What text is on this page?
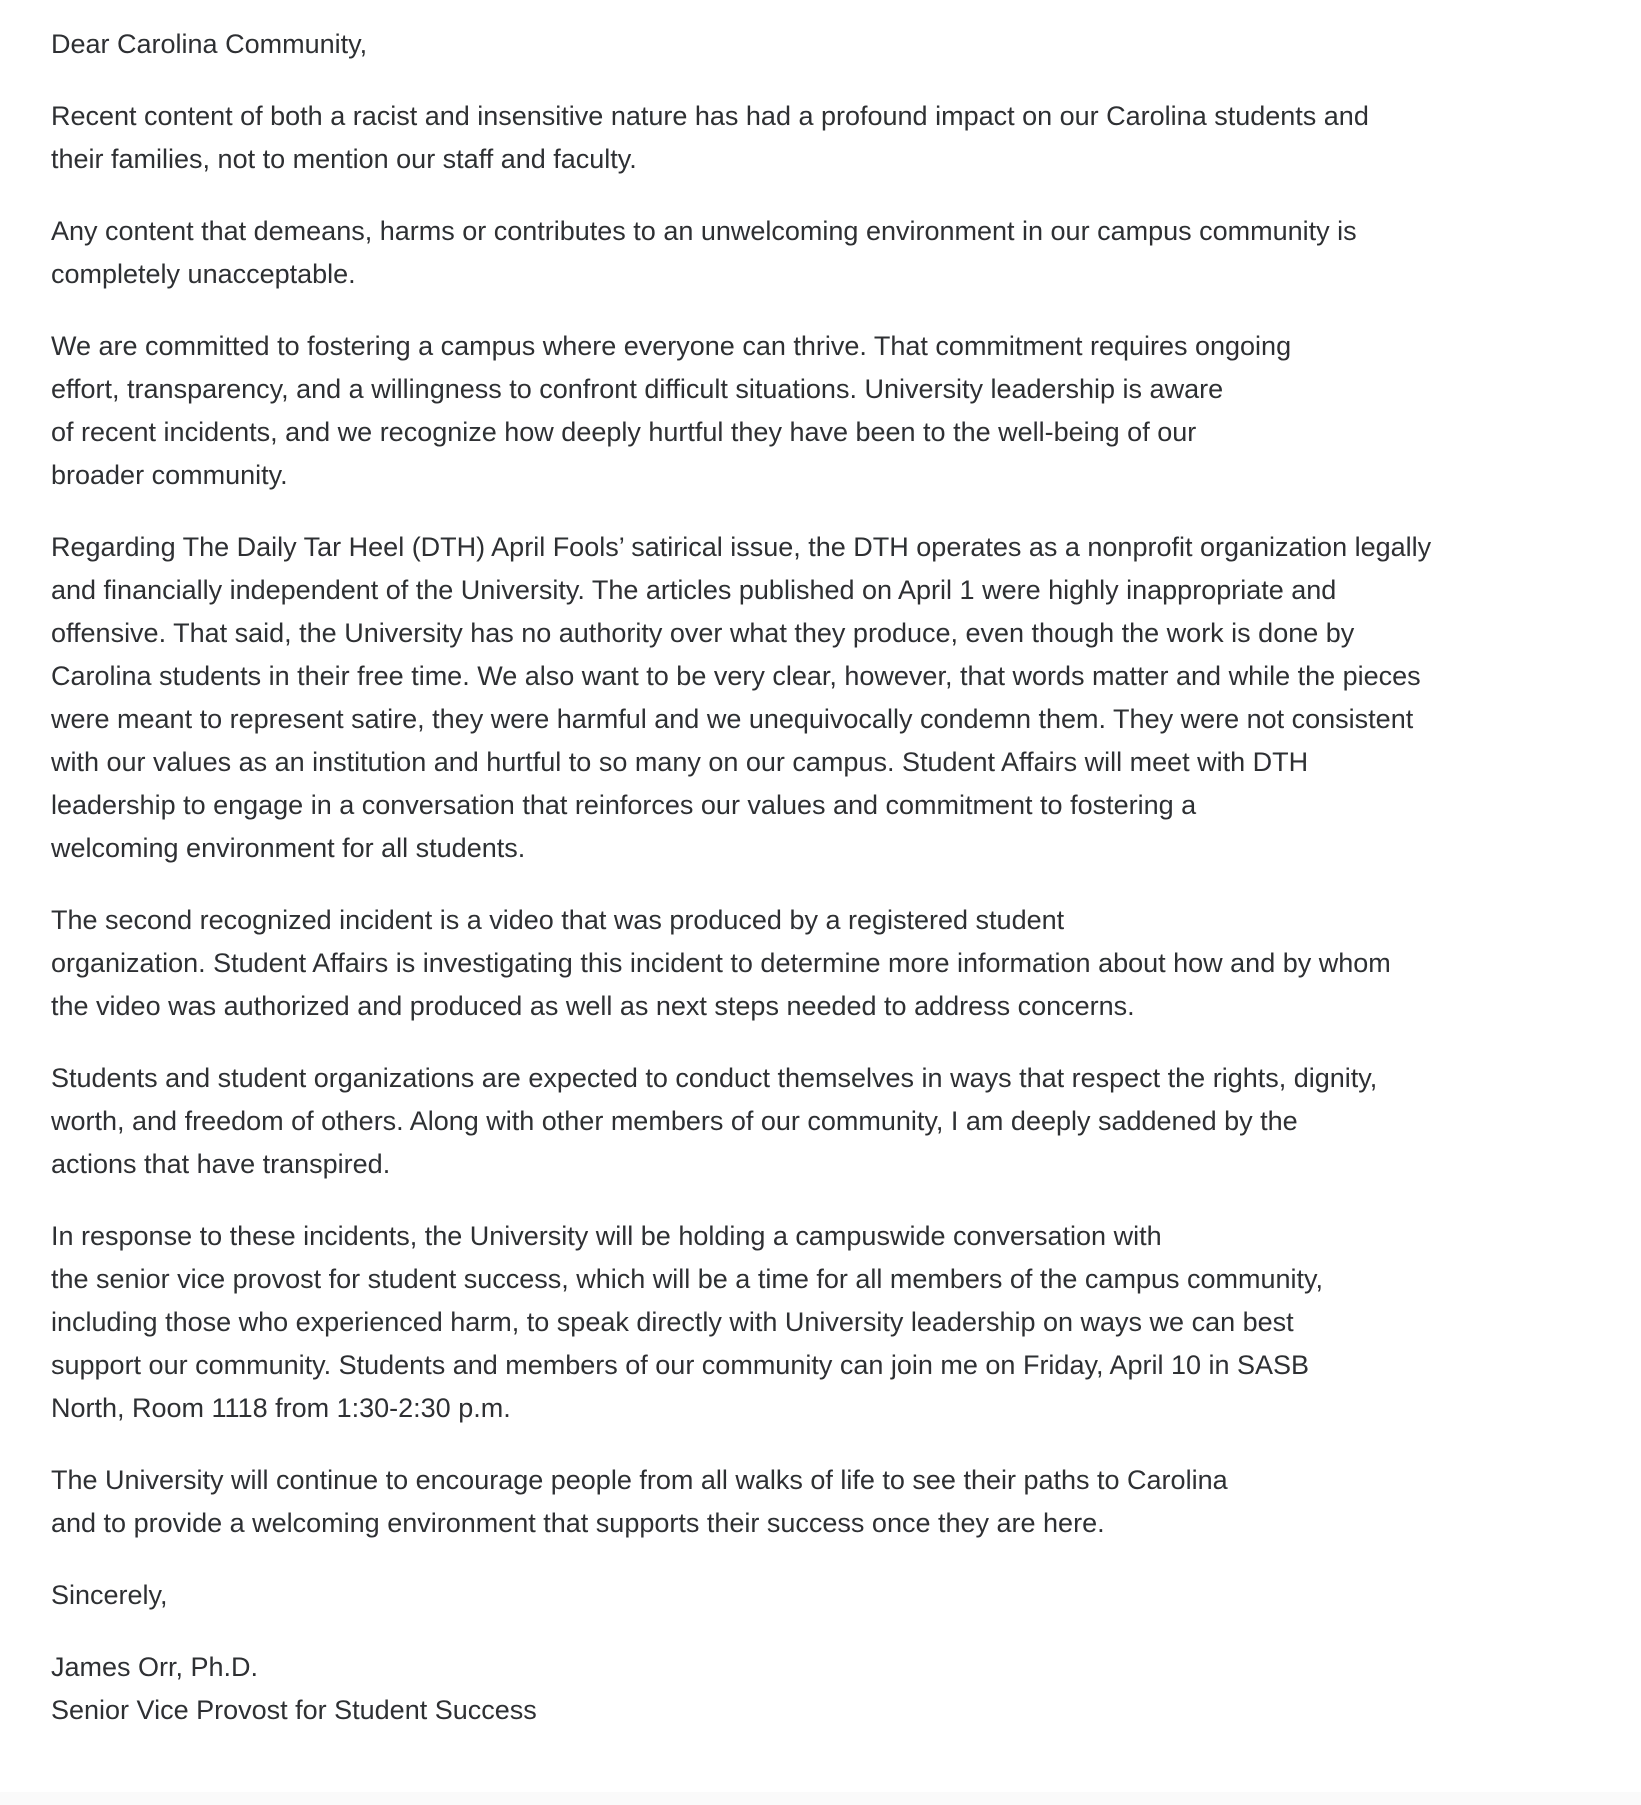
Dear Carolina Community,

Recent content of both a racist and insensitive nature has had a profound impact on our Carolina students and
their families, not to mention our staff and faculty.

Any content that demeans, harms or contributes to an unwelcoming environment in our campus community is
completely unacceptable.

We are committed to fostering a campus where everyone can thrive. That commitment requires ongoing
effort, transparency, and a willingness to confront difficult situations. University leadership is aware
of recent incidents, and we recognize how deeply hurtful they have been to the well-being of our
broader community.

Regarding The Daily Tar Heel (DTH) April Fools’ satirical issue, the DTH operates as a nonprofit organization legally
and financially independent of the University. The articles published on April 1 were highly inappropriate and
offensive. That said, the University has no authority over what they produce, even though the work is done by
Carolina students in their free time. We also want to be very clear, however, that words matter and while the pieces
were meant to represent satire, they were harmful and we unequivocally condemn them. They were not consistent
with our values as an institution and hurtful to so many on our campus. Student Affairs will meet with DTH
leadership to engage in a conversation that reinforces our values and commitment to fostering a
welcoming environment for all students.

The second recognized incident is a video that was produced by a registered student
organization. Student Affairs is investigating this incident to determine more information about how and by whom
the video was authorized and produced as well as next steps needed to address concerns.

Students and student organizations are expected to conduct themselves in ways that respect the rights, dignity,
worth, and freedom of others. Along with other members of our community, I am deeply saddened by the
actions that have transpired.

In response to these incidents, the University will be holding a campuswide conversation with
the senior vice provost for student success, which will be a time for all members of the campus community,
including those who experienced harm, to speak directly with University leadership on ways we can best
support our community. Students and members of our community can join me on Friday, April 10 in SASB
North, Room 1118 from 1:30-2:30 p.m.

The University will continue to encourage people from all walks of life to see their paths to Carolina
and to provide a welcoming environment that supports their success once they are here.

Sincerely,

James Orr, Ph.D.
Senior Vice Provost for Student Success
